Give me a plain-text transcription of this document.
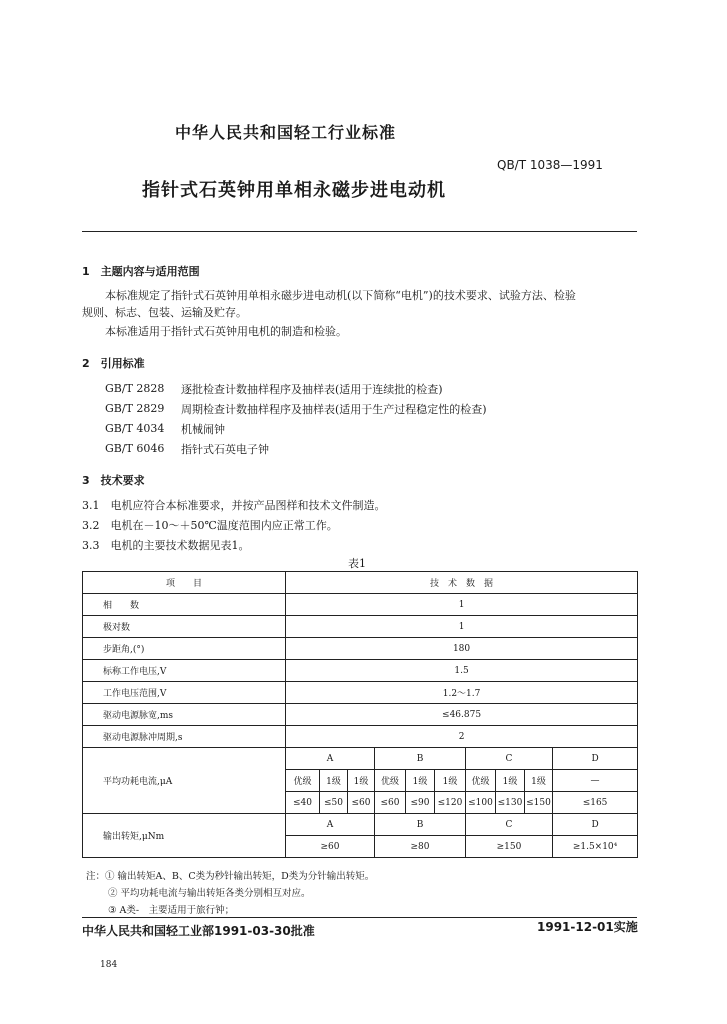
中华人民共和国轻工行业标准
QB/T 1038—1991
指针式石英钟用单相永磁步进电动机
1　主题内容与适用范围
本标准规定了指针式石英钟用单相永磁步进电动机(以下简称“电机”)的技术要求、试验方法、检验
规则、标志、包装、运输及贮存。
本标准适用于指针式石英钟用电机的制造和检验。
2　引用标准
GB/T 2828 逐批检查计数抽样程序及抽样表(适用于连续批的检查)
GB/T 2829 周期检查计数抽样程序及抽样表(适用于生产过程稳定性的检查)
GB/T 4034 机械闹钟
GB/T 6046 指针式石英电子钟
3　技术要求
3.1　电机应符合本标准要求，并按产品图样和技术文件制造。
3.2　电机在－10～＋50℃温度范围内应正常工作。
3.3　电机的主要技术数据见表1。
表1
项　　目	技　术　数　据									
相　　数	1									
极对数	1									
步距角,(°)	180									
标称工作电压,V	1.5									
工作电压范围,V	1.2～1.7									
驱动电源脉宽,ms	≤46.875									
驱动电源脉冲周期,s	2									
平均功耗电流,μA	A			B			C			D
	优级	1级	1级	优级	1级	1级	优级	1级	1级	—
	≤40	≤50	≤60	≤60	≤90	≤120	≤100	≤130	≤150	≤165
输出转矩,μNm	A			B			C			D
	≥60			≥80			≥150			≥1.5×10⁴
注：① 输出转矩A、B、C类为秒针输出转矩，D类为分针输出转矩。
② 平均功耗电流与输出转矩各类分别相互对应。
③ A类-　主要适用于旅行钟；
中华人民共和国轻工业部1991-03-30批准	1991-12-01实施
184
